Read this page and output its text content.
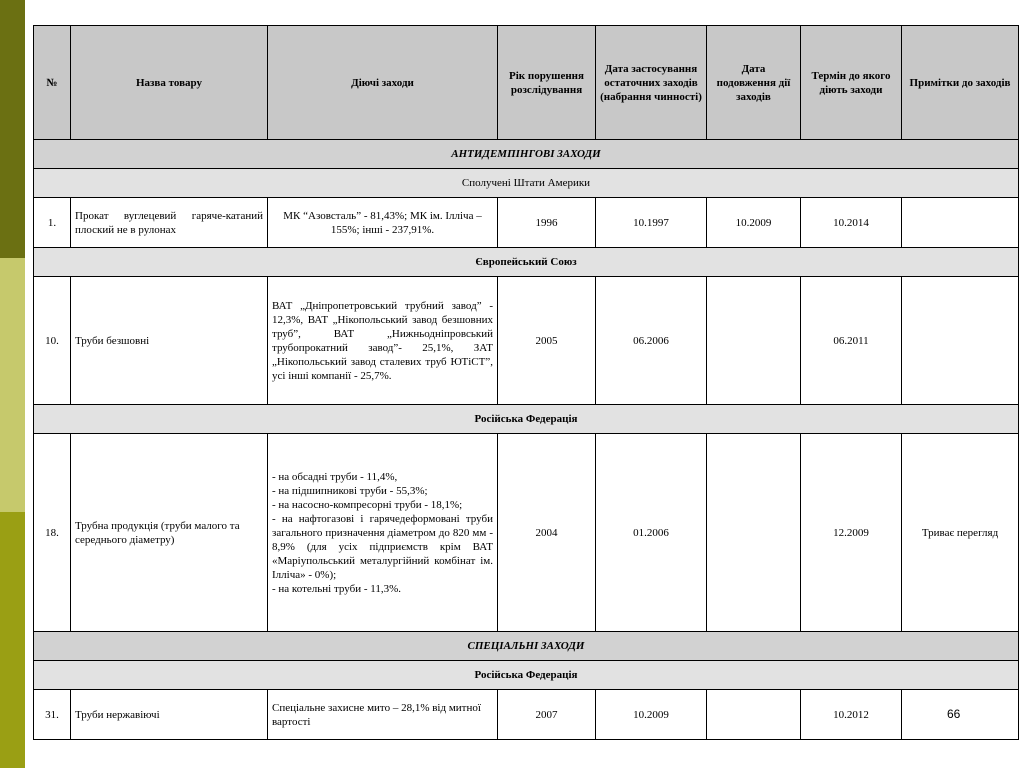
№	Назва товару	Діючі заходи	Рік порушення розслідування	Дата застосування остаточних заходів (набрання чинності)	Дата подовження дії заходів	Термін до якого діють заходи	Примітки до заходів
АНТИДЕМПІНГОВІ ЗАХОДИ							
Сполучені Штати Америки							
1.	Прокат вуглецевий гаряче-катаний плоский не в рулонах	МК “Азовсталь” - 81,43%; МК ім. Ілліча – 155%; інші - 237,91%.	1996	10.1997	10.2009	10.2014	
Європейський Союз							
10.	Труби безшовні	ВАТ „Дніпропетровський трубний завод” - 12,3%, ВАТ „Нікопольський завод безшовних труб”, ВАТ „Нижньодніпровський трубопрокатний завод”- 25,1%, ЗАТ „Нікопольський завод сталевих труб ЮТіСТ”, усі інші компанії - 25,7%.	2005	06.2006		06.2011	
Російська Федерація							
18.	Трубна продукція (труби малого та середнього діаметру)	- на обсадні труби - 11,4%,
- на підшипникові труби - 55,3%;
- на насосно-компресорні труби - 18,1%;
- на нафтогазові і гарячедеформовані труби загального призначення діаметром до 820 мм - 8,9% (для усіх підприємств крім ВАТ «Маріупольський металургійний комбінат ім. Ілліча» - 0%);
- на котельні труби - 11,3%.	2004	01.2006		12.2009	Триває перегляд
СПЕЦІАЛЬНІ ЗАХОДИ							
Російська Федерація							
31.	Труби нержавіючі	Спеціальне захисне мито – 28,1% від митної вартості	2007	10.2009		10.2012		66
